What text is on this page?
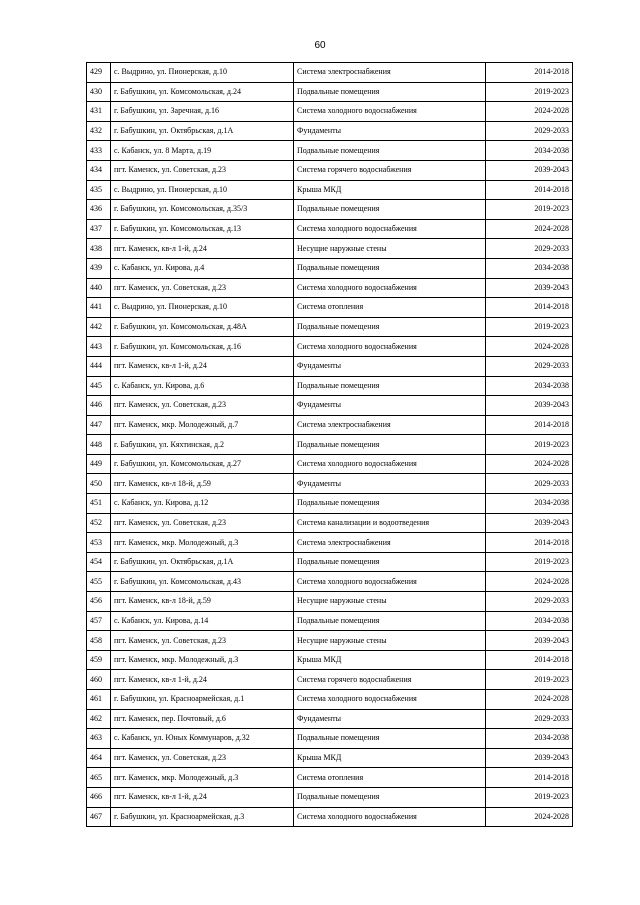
60
429	с. Выдрино, ул. Пионерская, д.10	Система электроснабжения	2014-2018
430	г. Бабушкин, ул. Комсомольская, д.24	Подвальные помещения	2019-2023
431	г. Бабушкин, ул. Заречная, д.16	Система холодного водоснабжения	2024-2028
432	г. Бабушкин, ул. Октябрьская, д.1А	Фундаменты	2029-2033
433	с. Кабанск, ул. 8 Марта, д.19	Подвальные помещения	2034-2038
434	пгт. Каменск, ул. Советская, д.23	Система горячего водоснабжения	2039-2043
435	с. Выдрино, ул. Пионерская, д.10	Крыша МКД	2014-2018
436	г. Бабушкин, ул. Комсомольская, д.35/3	Подвальные помещения	2019-2023
437	г. Бабушкин, ул. Комсомольская, д.13	Система холодного водоснабжения	2024-2028
438	пгт. Каменск, кв-л 1-й, д.24	Несущие наружные стены	2029-2033
439	с. Кабанск, ул. Кирова, д.4	Подвальные помещения	2034-2038
440	пгт. Каменск, ул. Советская, д.23	Система холодного водоснабжения	2039-2043
441	с. Выдрино, ул. Пионерская, д.10	Система отопления	2014-2018
442	г. Бабушкин, ул. Комсомольская, д.48А	Подвальные помещения	2019-2023
443	г. Бабушкин, ул. Комсомольская, д.16	Система холодного водоснабжения	2024-2028
444	пгт. Каменск, кв-л 1-й, д.24	Фундаменты	2029-2033
445	с. Кабанск, ул. Кирова, д.6	Подвальные помещения	2034-2038
446	пгт. Каменск, ул. Советская, д.23	Фундаменты	2039-2043
447	пгт. Каменск, мкр. Молодежный, д.7	Система электроснабжения	2014-2018
448	г. Бабушкин, ул. Кяхтинская, д.2	Подвальные помещения	2019-2023
449	г. Бабушкин, ул. Комсомольская, д.27	Система холодного водоснабжения	2024-2028
450	пгт. Каменск, кв-л 18-й, д.59	Фундаменты	2029-2033
451	с. Кабанск, ул. Кирова, д.12	Подвальные помещения	2034-2038
452	пгт. Каменск, ул. Советская, д.23	Система канализации и водоотведения	2039-2043
453	пгт. Каменск, мкр. Молодежный, д.3	Система электроснабжения	2014-2018
454	г. Бабушкин, ул. Октябрьская, д.1А	Подвальные помещения	2019-2023
455	г. Бабушкин, ул. Комсомольская, д.43	Система холодного водоснабжения	2024-2028
456	пгт. Каменск, кв-л 18-й, д.59	Несущие наружные стены	2029-2033
457	с. Кабанск, ул. Кирова, д.14	Подвальные помещения	2034-2038
458	пгт. Каменск, ул. Советская, д.23	Несущие наружные стены	2039-2043
459	пгт. Каменск, мкр. Молодежный, д.3	Крыша МКД	2014-2018
460	пгт. Каменск, кв-л 1-й, д.24	Система горячего водоснабжения	2019-2023
461	г. Бабушкин, ул. Красноармейская, д.1	Система холодного водоснабжения	2024-2028
462	пгт. Каменск, пер. Почтовый, д.6	Фундаменты	2029-2033
463	с. Кабанск, ул. Юных Коммунаров, д.32	Подвальные помещения	2034-2038
464	пгт. Каменск, ул. Советская, д.23	Крыша МКД	2039-2043
465	пгт. Каменск, мкр. Молодежный, д.3	Система отопления	2014-2018
466	пгт. Каменск, кв-л 1-й, д.24	Подвальные помещения	2019-2023
467	г. Бабушкин, ул. Красноармейская, д.3	Система холодного водоснабжения	2024-2028
